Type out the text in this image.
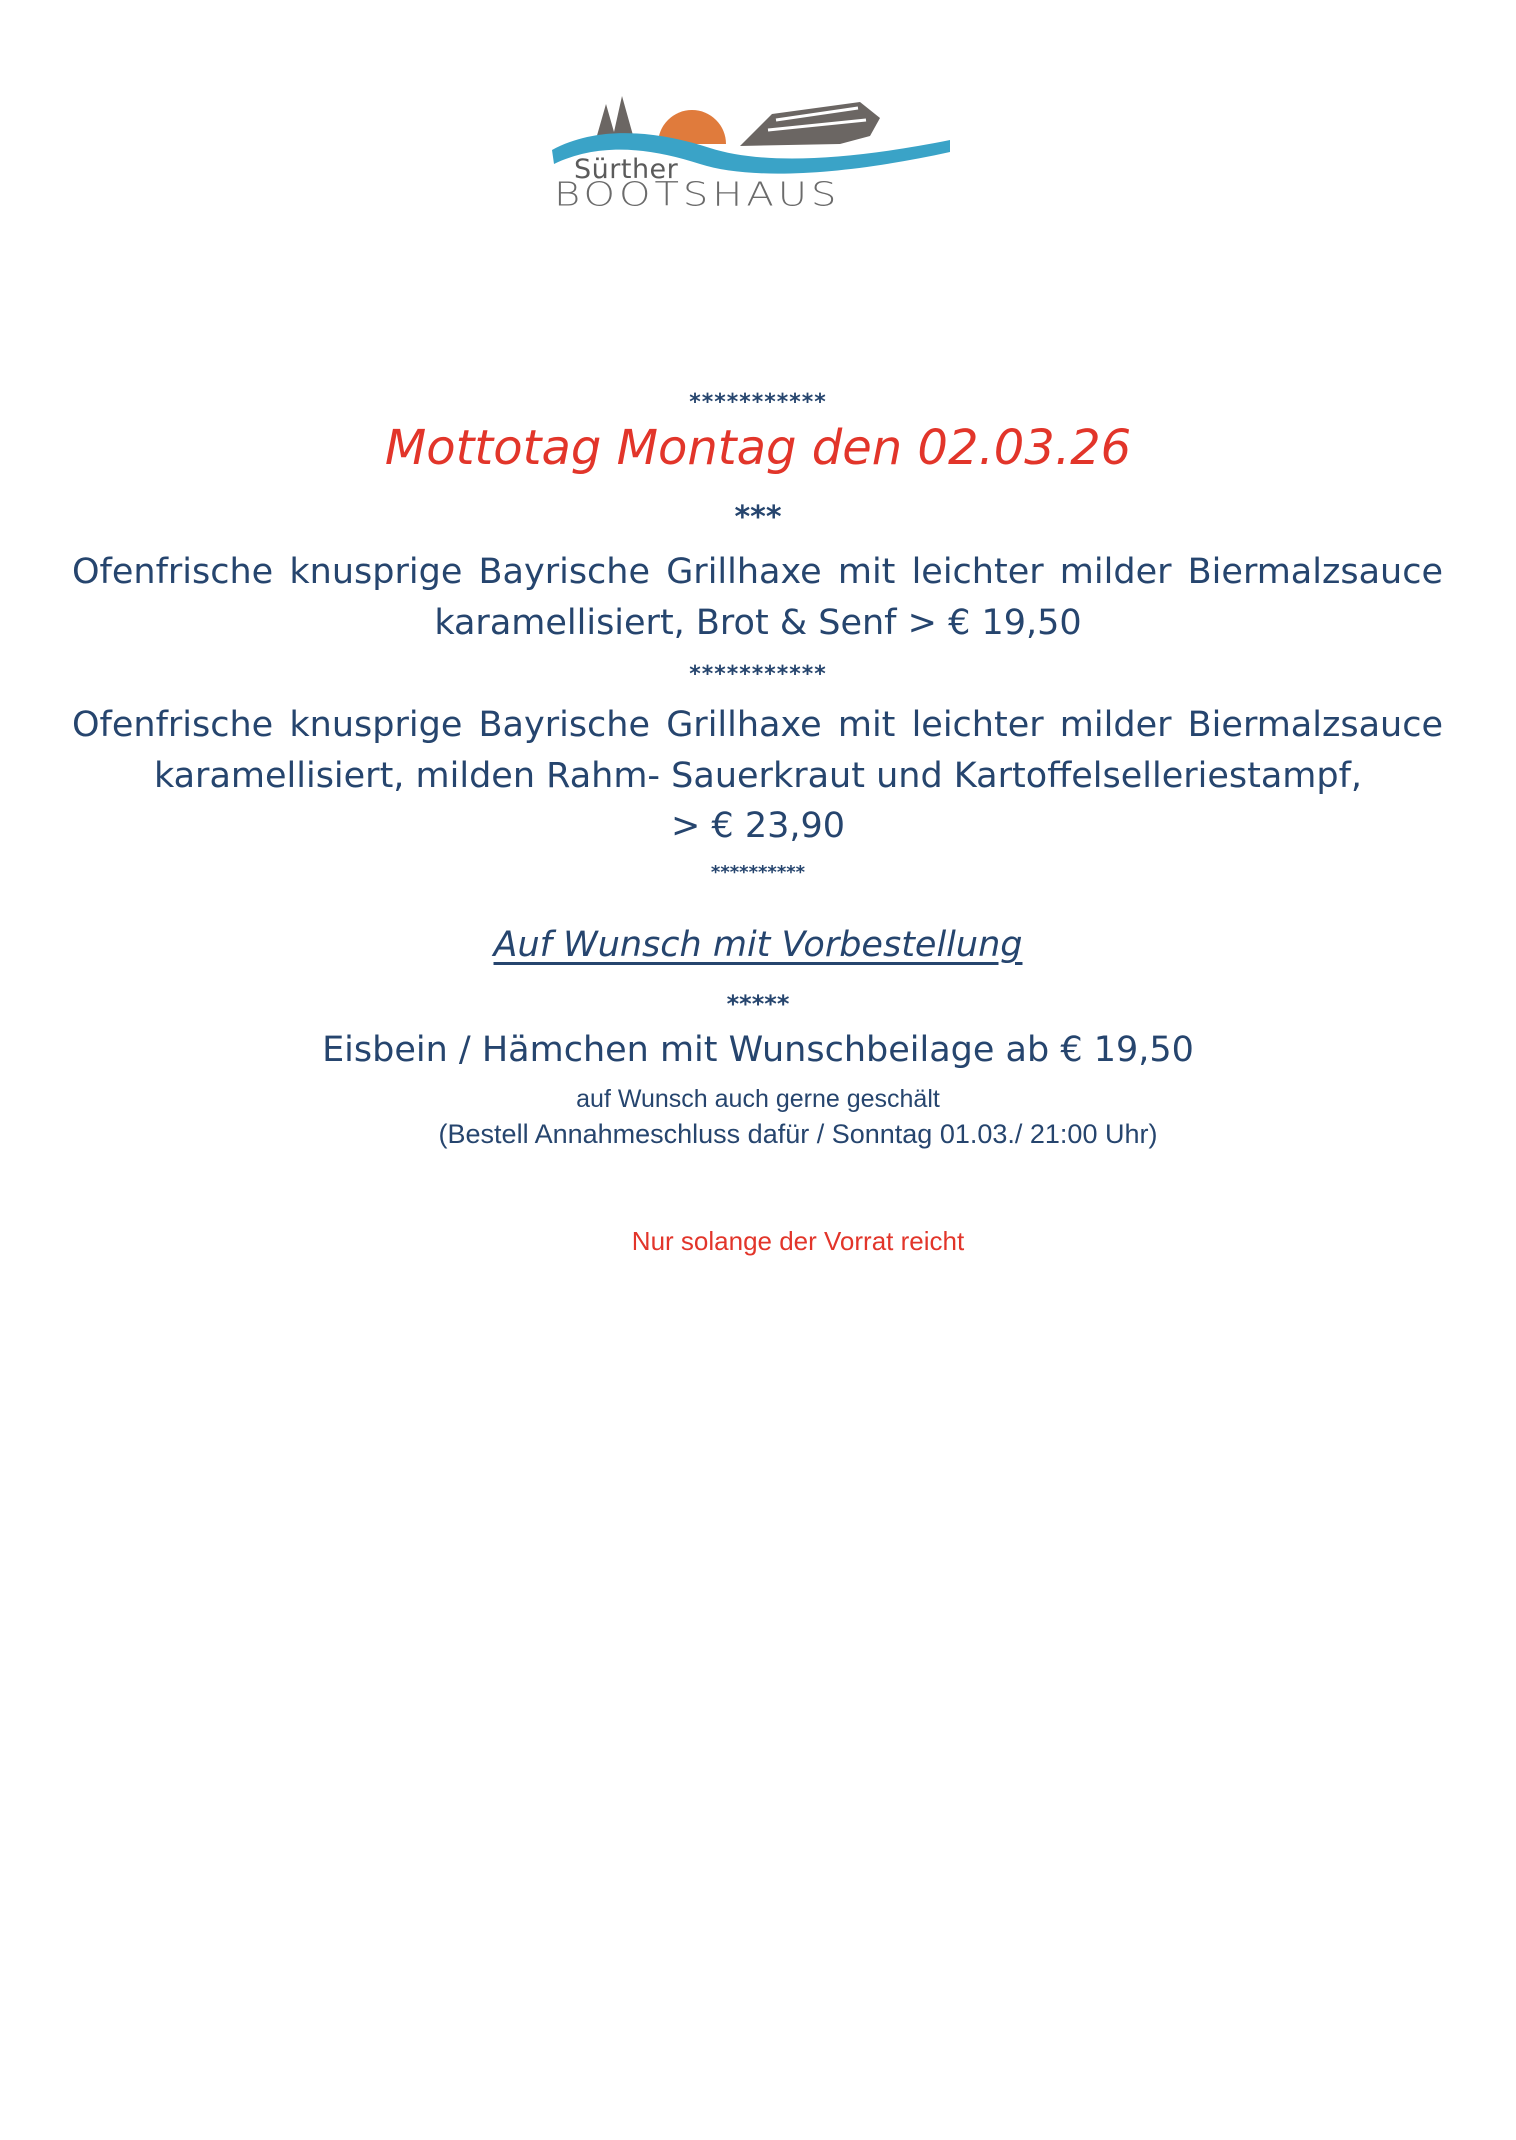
Sürther
BOOTSHAUS
***********
Mottotag Montag den 02.03.26
***
Ofenfrische knusprige Bayrische Grillhaxe mit leichter milder Biermalzsauce
karamellisiert, Brot & Senf > € 19,50
***********
Ofenfrische knusprige Bayrische Grillhaxe mit leichter milder Biermalzsauce
karamellisiert, milden Rahm- Sauerkraut und Kartoffelselleriestampf,
> € 23,90
**********
Auf Wunsch mit Vorbestellung
*****
Eisbein / Hämchen mit Wunschbeilage ab € 19,50
auf Wunsch auch gerne geschält
(Bestell Annahmeschluss dafür / Sonntag 01.03./ 21:00 Uhr)
Nur solange der Vorrat reicht
